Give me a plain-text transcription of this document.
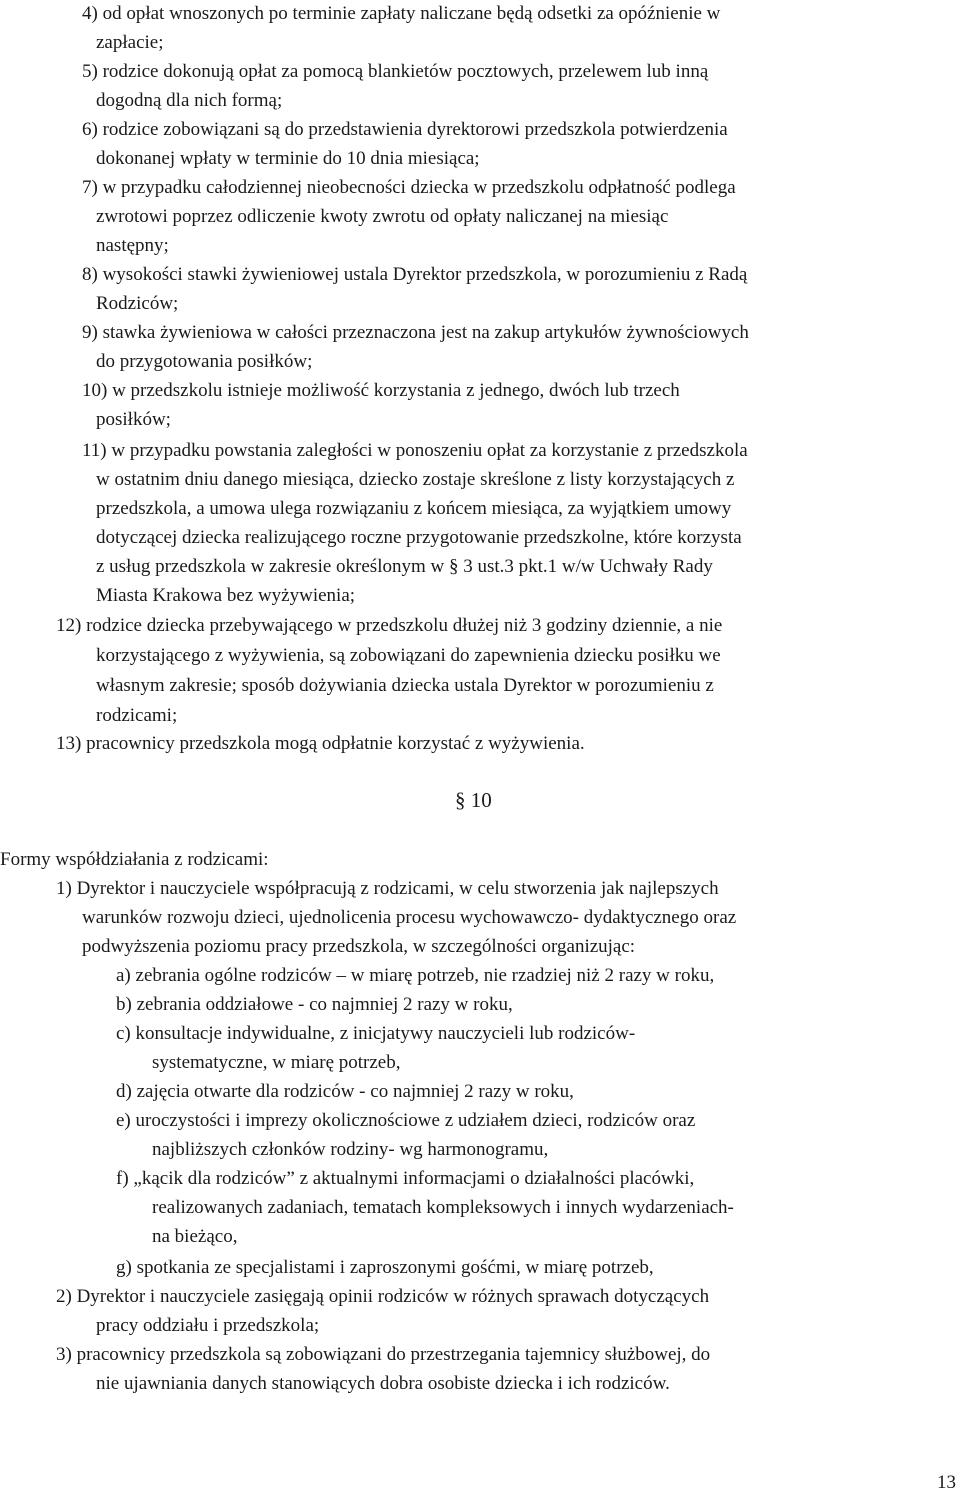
4) od opłat wnoszonych po terminie zapłaty naliczane będą odsetki za opóźnienie w
zapłacie;
5) rodzice dokonują opłat za pomocą blankietów pocztowych, przelewem lub inną
dogodną dla nich formą;
6) rodzice zobowiązani są do przedstawienia dyrektorowi przedszkola potwierdzenia
dokonanej wpłaty w terminie do 10 dnia miesiąca;
7) w przypadku całodziennej nieobecności dziecka w przedszkolu odpłatność podlega
zwrotowi poprzez odliczenie kwoty zwrotu od opłaty naliczanej na miesiąc
następny;
8) wysokości stawki żywieniowej ustala Dyrektor przedszkola, w porozumieniu z Radą
Rodziców;
9) stawka żywieniowa w całości przeznaczona jest na zakup artykułów żywnościowych
do przygotowania posiłków;
10) w przedszkolu istnieje możliwość korzystania z jednego, dwóch lub trzech
posiłków;
11) w przypadku powstania zaległości w ponoszeniu opłat za korzystanie z przedszkola
w ostatnim dniu danego miesiąca, dziecko zostaje skreślone z listy korzystających z
przedszkola, a umowa ulega rozwiązaniu z końcem miesiąca, za wyjątkiem umowy
dotyczącej dziecka realizującego roczne przygotowanie przedszkolne, które korzysta
z usług przedszkola w zakresie określonym w § 3 ust.3 pkt.1 w/w Uchwały Rady
Miasta Krakowa bez wyżywienia;
12) rodzice dziecka przebywającego w przedszkolu dłużej niż 3 godziny dziennie, a nie
korzystającego z wyżywienia, są zobowiązani do zapewnienia dziecku posiłku we
własnym zakresie; sposób dożywiania dziecka ustala Dyrektor w porozumieniu z
rodzicami;
13) pracownicy przedszkola mogą odpłatnie korzystać z wyżywienia.
§ 10
Formy współdziałania z rodzicami:
1) Dyrektor i nauczyciele współpracują z rodzicami, w celu stworzenia jak najlepszych
warunków rozwoju dzieci, ujednolicenia procesu wychowawczo- dydaktycznego oraz
podwyższenia poziomu pracy przedszkola, w szczególności organizując:
a) zebrania ogólne rodziców – w miarę potrzeb, nie rzadziej niż 2 razy w roku,
b) zebrania oddziałowe - co najmniej 2 razy w roku,
c) konsultacje indywidualne, z inicjatywy nauczycieli lub rodziców-
systematyczne, w miarę potrzeb,
d) zajęcia otwarte dla rodziców - co najmniej 2 razy w roku,
e) uroczystości i imprezy okolicznościowe z udziałem dzieci, rodziców oraz
najbliższych członków rodziny- wg harmonogramu,
f) „kącik dla rodziców” z aktualnymi informacjami o działalności placówki,
realizowanych zadaniach, tematach kompleksowych i innych wydarzeniach-
na bieżąco,
g) spotkania ze specjalistami i zaproszonymi gośćmi, w miarę potrzeb,
2) Dyrektor i nauczyciele zasięgają opinii rodziców w różnych sprawach dotyczących
pracy oddziału i przedszkola;
3) pracownicy przedszkola są zobowiązani do przestrzegania tajemnicy służbowej, do
nie ujawniania danych stanowiących dobra osobiste dziecka i ich rodziców.
13
